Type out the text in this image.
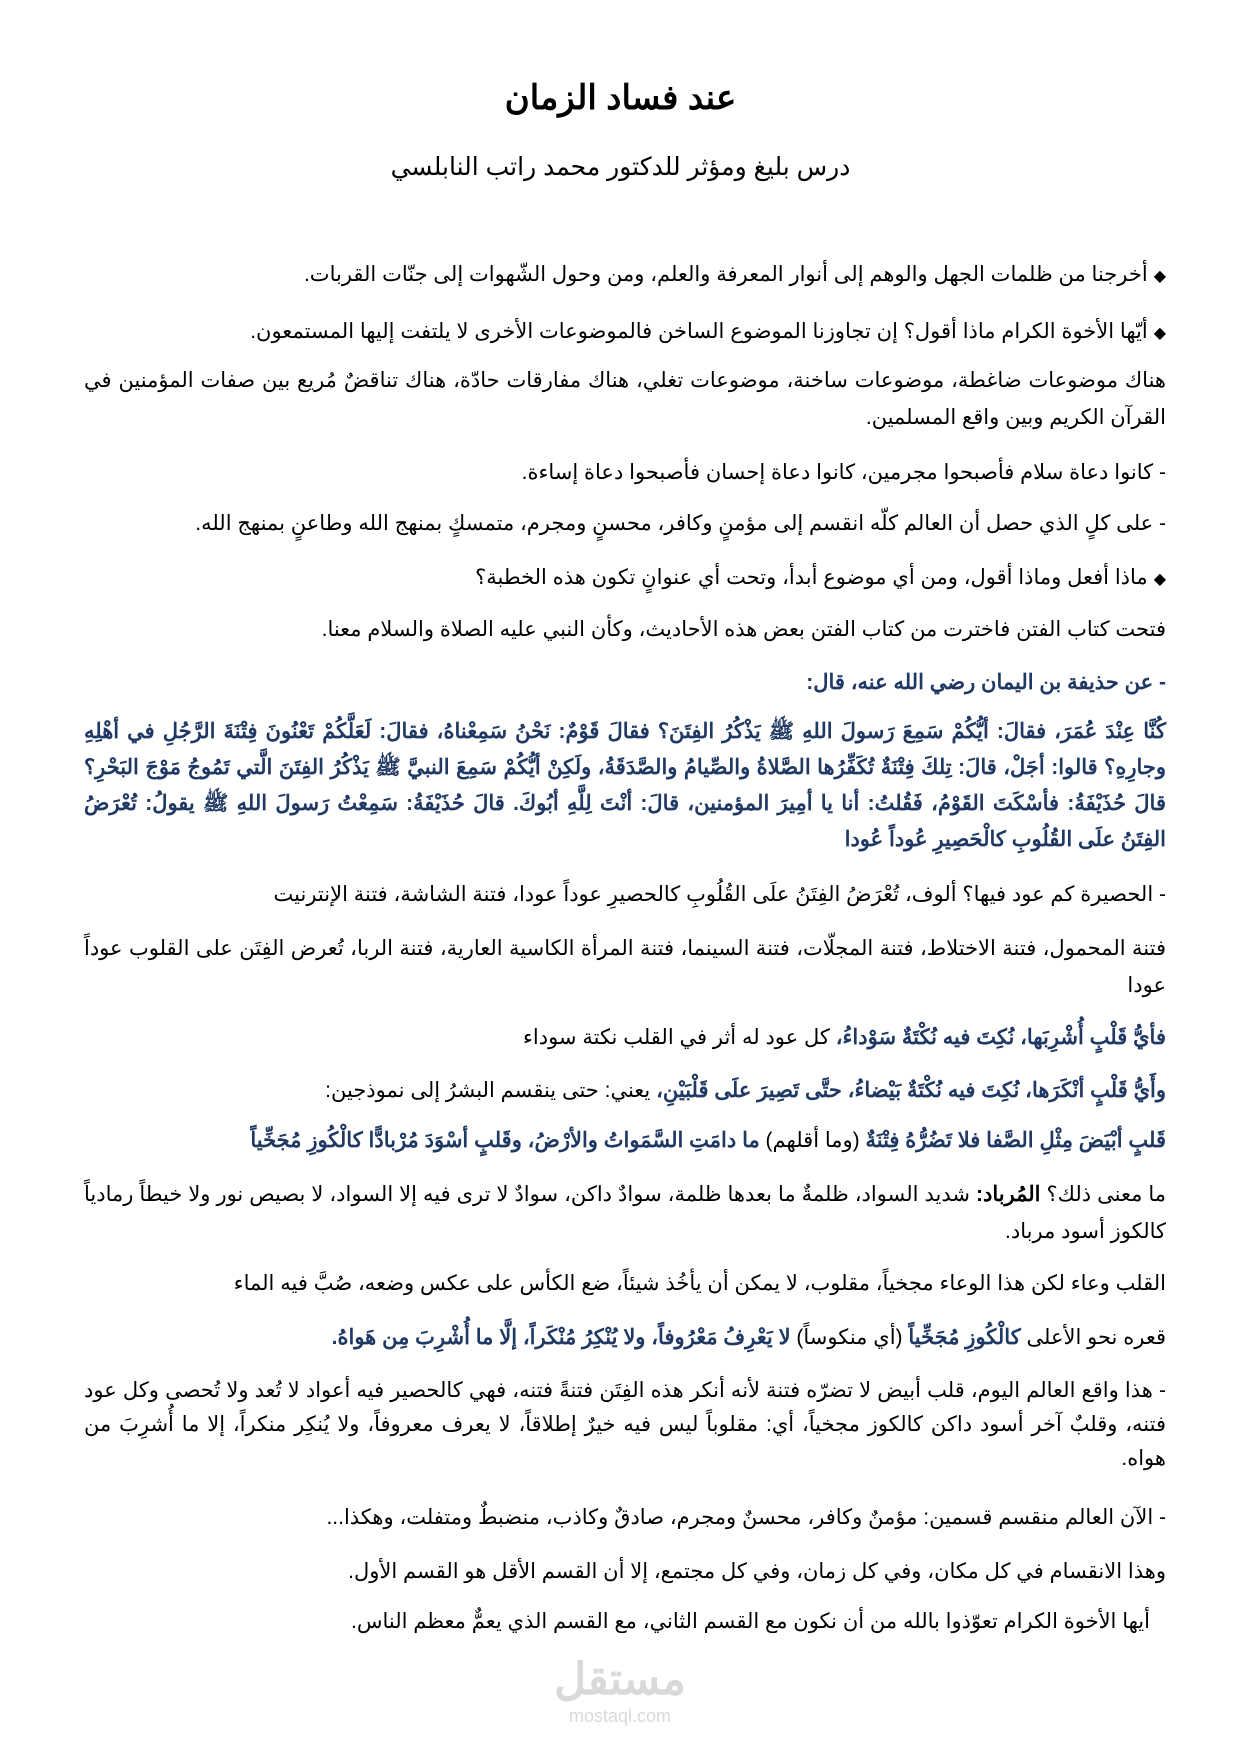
عند فساد الزمان
درس بليغ ومؤثر للدكتور محمد راتب النابلسي
◆أخرجنا من ظلمات الجهل والوهم إلى أنوار المعرفة والعلم، ومن وحول الشّهوات إلى جنّات القربات.
◆أيّها الأخوة الكرام ماذا أقول؟ إن تجاوزنا الموضوع الساخن فالموضوعات الأخرى لا يلتفت إليها المستمعون.
هناك موضوعات ضاغطة، موضوعات ساخنة، موضوعات تغلي، هناك مفارقات حادّة، هناك تناقضٌ مُريع بين صفات المؤمنين في القرآن الكريم وبين واقع المسلمين.
- كانوا دعاة سلام فأصبحوا مجرمين، كانوا دعاة إحسان فأصبحوا دعاة إساءة.
- على كلٍ الذي حصل أن العالم كلّه انقسم إلى مؤمنٍ وكافر، محسنٍ ومجرم، متمسكٍ بمنهج الله وطاعنٍ بمنهج الله.
◆ماذا أفعل وماذا أقول، ومن أي موضوع أبدأ، وتحت أي عنوانٍ تكون هذه الخطبة؟
فتحت كتاب الفتن فاخترت من كتاب الفتن بعض هذه الأحاديث، وكأن النبي عليه الصلاة والسلام معنا.
- عن حذيفة بن اليمان رضي الله عنه، قال:
كُنَّا عِنْدَ عُمَرَ، فقالَ: أيُّكُمْ سَمِعَ رَسولَ اللهِ ﷺ يَذْكُرُ الفِتَنَ؟ فقالَ قَوْمٌ: نَحْنُ سَمِعْناهُ، فقالَ: لَعَلَّكُمْ تَعْنُونَ فِتْنَةَ الرَّجُلِ في أهْلِهِ وجارِهِ؟ قالوا: أجَلْ، قالَ: تِلكَ فِتْنَةٌ تُكَفِّرُها الصَّلاةُ والصِّيامُ والصَّدَقَةُ، ولَكِنْ أيُّكُمْ سَمِعَ النبيَّ ﷺ يَذْكُرُ الفِتَنَ الَّتي تَمُوجُ مَوْجَ البَحْرِ؟ قالَ حُذَيْفَةُ: فأسْكَتَ القَوْمُ، فَقُلتُ: أنا يا أمِيرَ المؤمنين، قالَ: أنْتَ لِلَّهِ أبُوكَ. قالَ حُذَيْفَةُ: سَمِعْتُ رَسولَ اللهِ ﷺ يقولُ: تُعْرَضُ الفِتَنُ علَى القُلُوبِ كالْحَصِيرِ عُوداً عُودا
- الحصيرة كم عود فيها؟ ألوف، تُعْرَضُ الفِتَنُ علَى القُلُوبِ كالحصيرِ عوداً عودا، فتنة الشاشة، فتنة الإنترنيت
فتنة المحمول، فتنة الاختلاط، فتنة المجلّات، فتنة السينما، فتنة المرأة الكاسية العارية، فتنة الربا، تُعرض الفِتَن على القلوب عوداً عودا
فأيُّ قَلْبٍ أُشْرِبَها، نُكِتَ فيه نُكْتَةٌ سَوْداءُ، كل عود له أثر في القلب نكتة سوداء
وأَيُّ قَلْبٍ أنْكَرَها، نُكِتَ فيه نُكْتَةٌ بَيْضاءُ، حتَّى تَصِيرَ علَى قَلْبَيْنِ، يعني: حتى ينقسم البشرُ إلى نموذجين:
قَلبٍ أبْيَضَ مِثْلِ الصَّفا فلا تَضُرُّهُ فِتْنَةٌ (وما أقلهم) ما دامَتِ السَّمَواتُ والأرْضُ، وقَلبٍ أسْوَدَ مُرْبادًّا كالْكُوزِ مُجَخِّياً
ما معنى ذلك؟ المُرباد: شديد السواد، ظلمةٌ ما بعدها ظلمة، سوادٌ داكن، سوادٌ لا ترى فيه إلا السواد، لا بصيص نور ولا خيطاً رمادياً كالكوز أسود مرباد.
القلب وعاء لكن هذا الوعاء مجخياً، مقلوب، لا يمكن أن يأخُذ شيئاً، ضع الكأس على عكس وضعه، صُبَّ فيه الماء
قعره نحو الأعلى كالْكُوزِ مُجَخِّياً (أي منكوساً) لا يَعْرِفُ مَعْرُوفاً، ولا يُنْكِرُ مُنْكَراً، إلَّا ما أُشْرِبَ مِن هَواهُ.
- هذا واقع العالم اليوم، قلب أبيض لا تضرّه فتنة لأنه أنكر هذه الفِتَن فتنةً فتنه، فهي كالحصير فيه أعواد لا تُعد ولا تُحصى وكل عود فتنه، وقلبٌ آخر أسود داكن كالكوز مجخياً، أي: مقلوباً ليس فيه خيرٌ إطلاقاً، لا يعرف معروفاً، ولا يُنكِر منكراً، إلا ما أُشرِبَ من هواه.
- الآن العالم منقسم قسمين: مؤمنٌ وكافر، محسنٌ ومجرم، صادقٌ وكاذب، منضبطٌ ومتفلت، وهكذا...
وهذا الانقسام في كل مكان، وفي كل زمان، وفي كل مجتمع، إلا أن القسم الأقل هو القسم الأول.
أيها الأخوة الكرام تعوّذوا بالله من أن نكون مع القسم الثاني، مع القسم الذي يعمٌّ معظم الناس.
مستقل
mostaql.com
